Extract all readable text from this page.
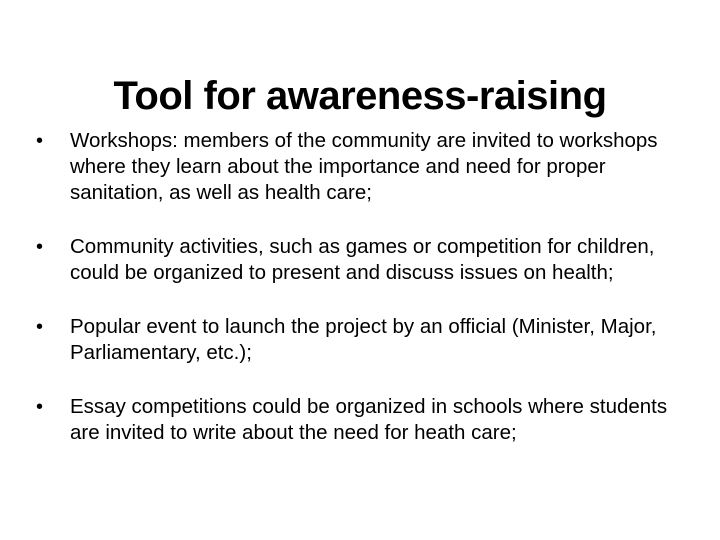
Tool for awareness-raising
•	Workshops: members of the community are invited to workshops where they learn about the importance and need for proper sanitation, as well as health care;
•	Community activities, such as games or competition for children, could be organized to present and discuss issues on health;
•	Popular event to launch the project by an official (Minister, Major, Parliamentary, etc.);
•	Essay competitions could be organized in schools where students are invited to write about the need for heath care;
